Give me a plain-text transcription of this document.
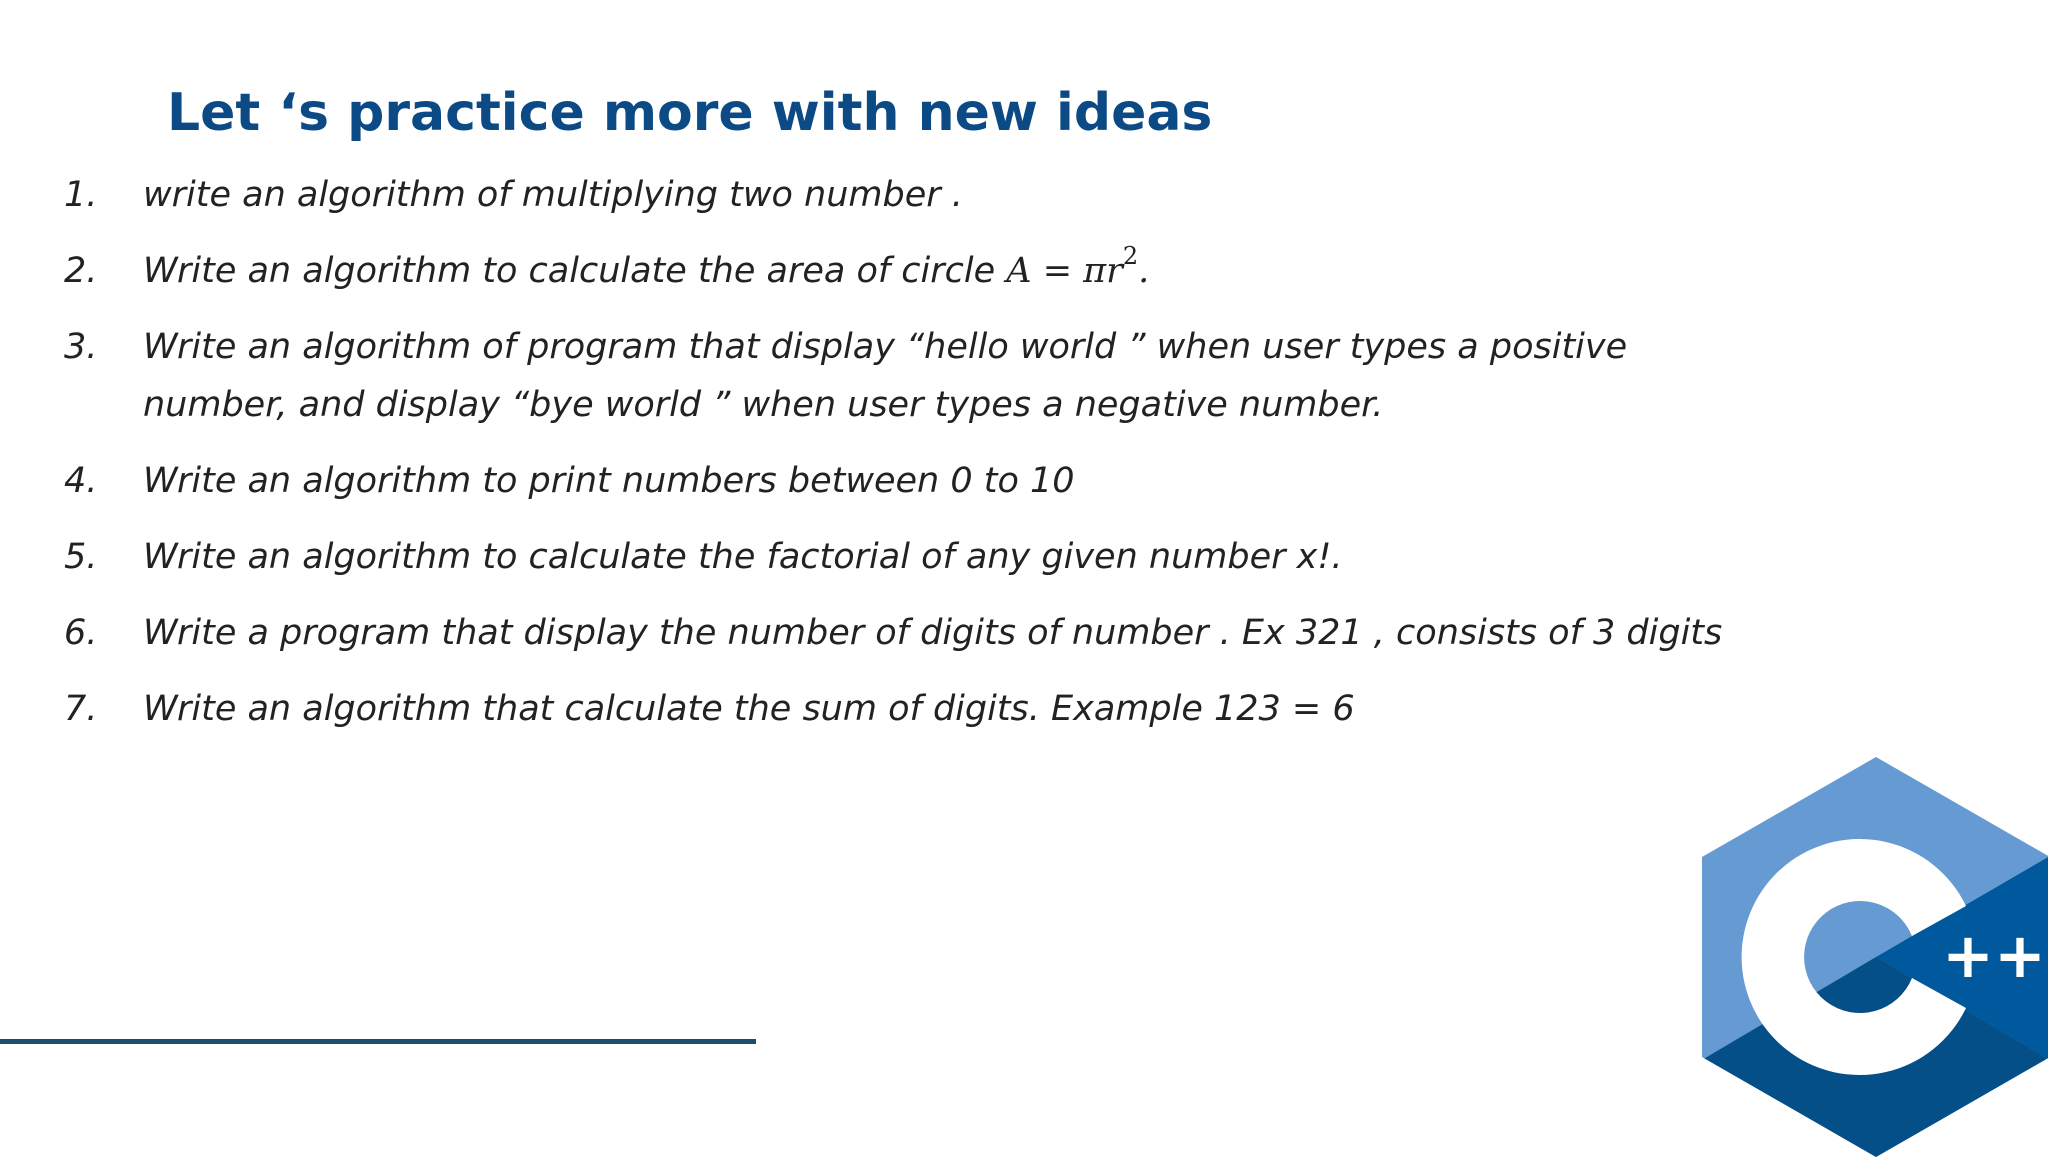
Let ‘s practice more with new ideas
1.	write an algorithm of multiplying two number .
2.	Write an algorithm to calculate the area of circle $A = \pi r^2$.
3.	Write an algorithm of program that display “hello world ” when user types a positive number, and display “bye world ” when user types a negative number.
4.	Write an algorithm to print numbers between 0 to 10
5.	Write an algorithm to calculate the factorial of any given number x!.
6.	Write a program that display the number of digits of number . Ex 321 , consists of 3 digits
7.	Write an algorithm that calculate the sum of digits. Example 123 = 6
++
